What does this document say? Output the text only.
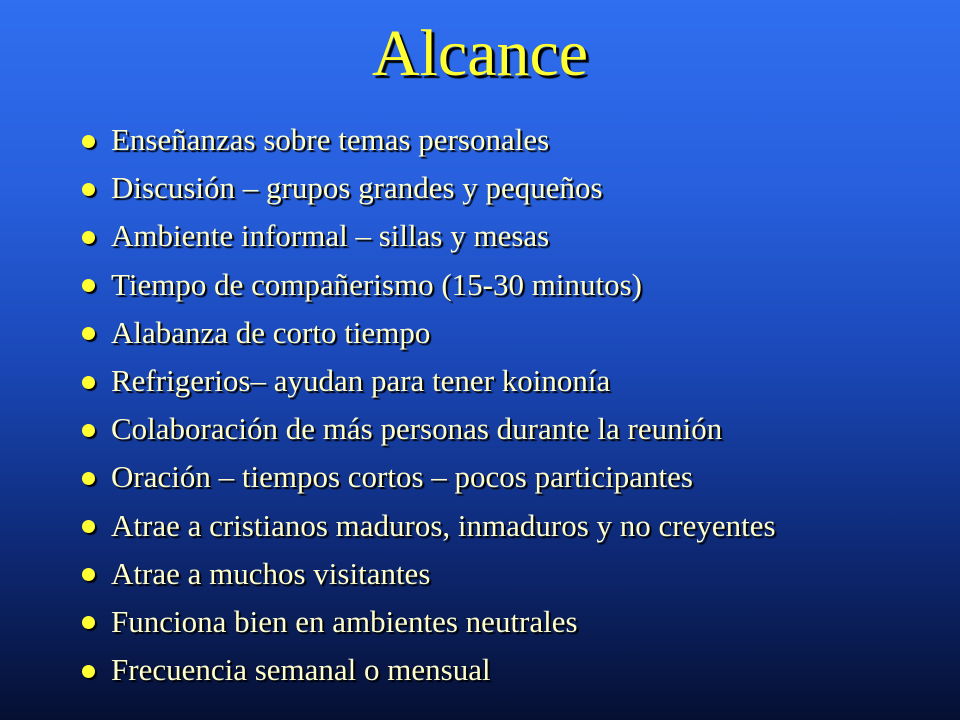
Alcance
Enseñanzas sobre temas personales
Discusión – grupos grandes y pequeños
Ambiente informal – sillas y mesas
Tiempo de compañerismo (15-30 minutos)
Alabanza de corto tiempo
Refrigerios– ayudan para tener koinonía
Colaboración de más personas durante la reunión
Oración – tiempos cortos – pocos participantes
Atrae a cristianos maduros, inmaduros y no creyentes
Atrae a muchos visitantes
Funciona bien en ambientes neutrales
Frecuencia semanal o mensual
